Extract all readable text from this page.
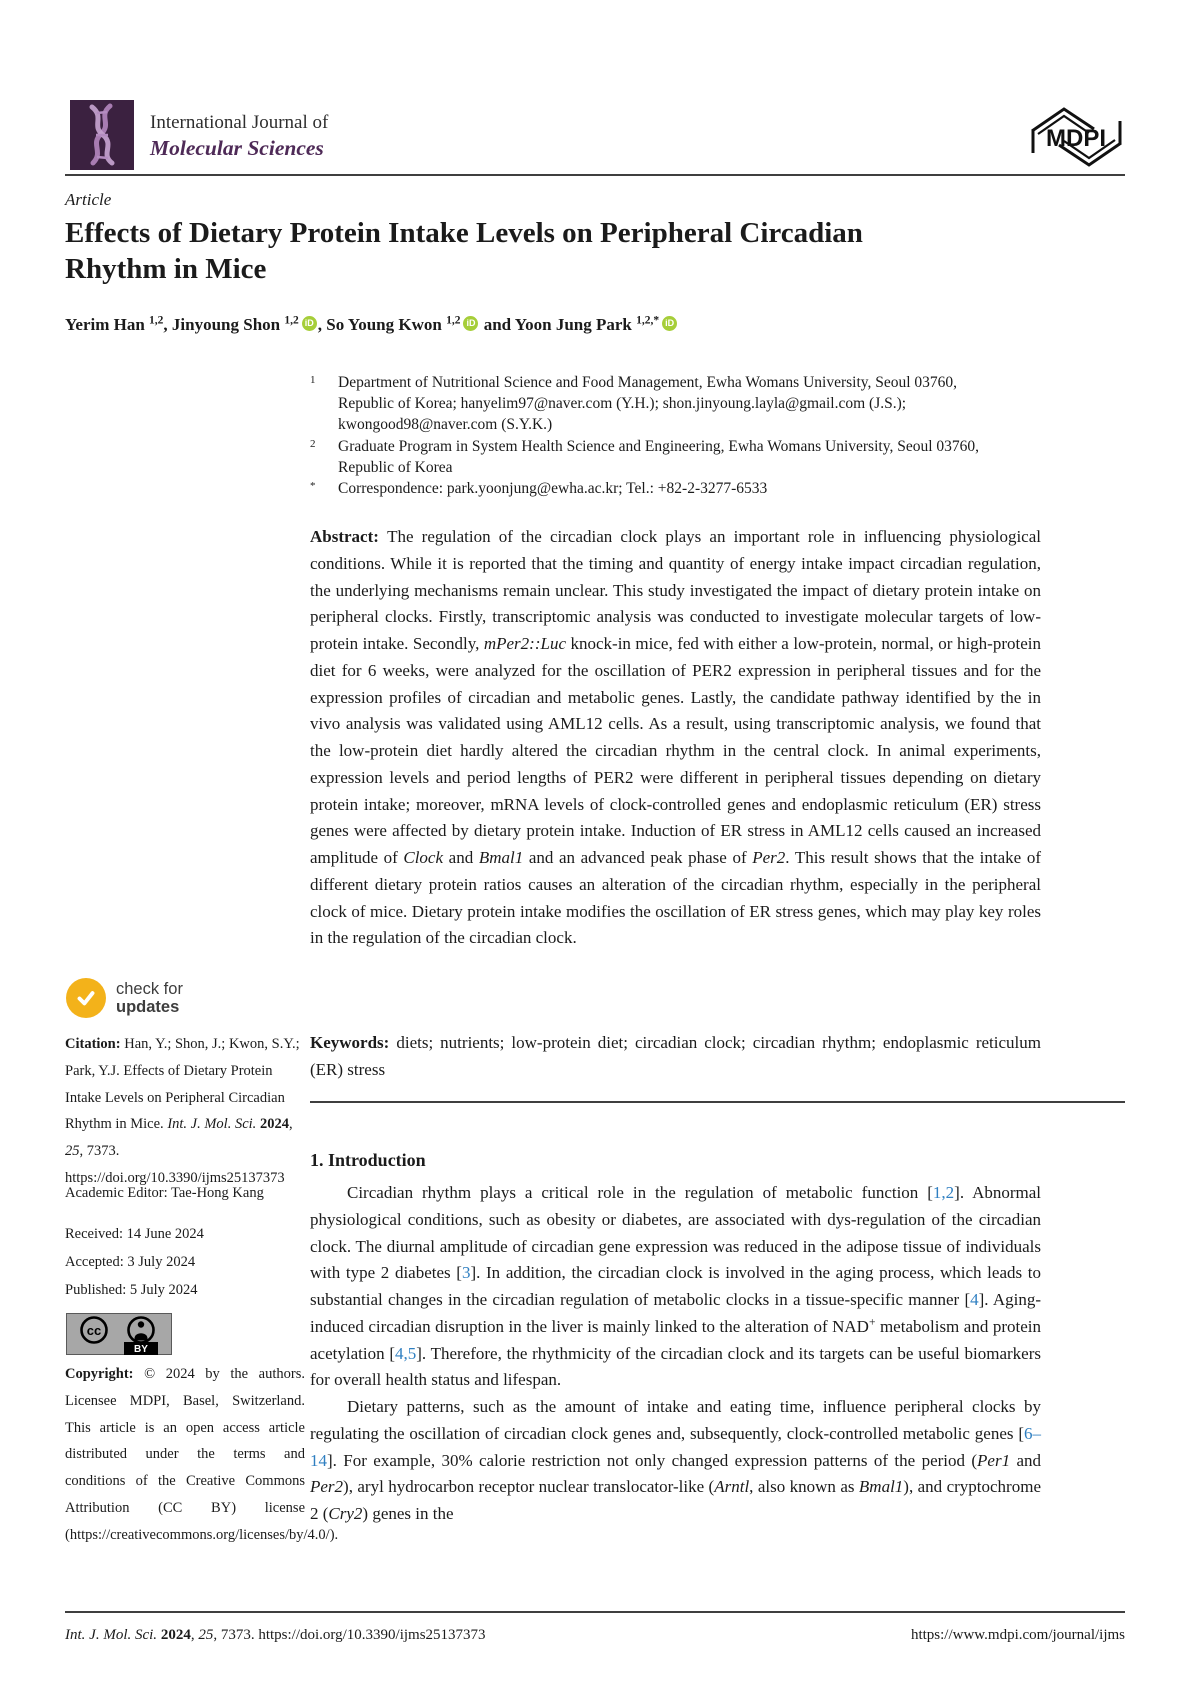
International Journal of
Molecular Sciences	MDPI
Article
Effects of Dietary Protein Intake Levels on Peripheral Circadian
Rhythm in Mice
Yerim Han $^{1,2}$, Jinyoung Shon $^{1,2}$ iD , So Young Kwon $^{1,2}$ iD and Yoon Jung Park $^{1,2,*}$ iD
1	Department of Nutritional Science and Food Management, Ewha Womans University, Seoul 03760, Republic of Korea; hanyelim97@naver.com (Y.H.); shon.jinyoung.layla@gmail.com (J.S.); kwongood98@naver.com (S.Y.K.)
2	Graduate Program in System Health Science and Engineering, Ewha Womans University, Seoul 03760, Republic of Korea
*	Correspondence: park.yoonjung@ewha.ac.kr; Tel.: +82-2-3277-6533
Abstract: The regulation of the circadian clock plays an important role in influencing physiological conditions. While it is reported that the timing and quantity of energy intake impact circadian regulation, the underlying mechanisms remain unclear. This study investigated the impact of dietary protein intake on peripheral clocks. Firstly, transcriptomic analysis was conducted to investigate molecular targets of low-protein intake. Secondly, mPer2::Luc knock-in mice, fed with either a low-protein, normal, or high-protein diet for 6 weeks, were analyzed for the oscillation of PER2 expression in peripheral tissues and for the expression profiles of circadian and metabolic genes. Lastly, the candidate pathway identified by the in vivo analysis was validated using AML12 cells. As a result, using transcriptomic analysis, we found that the low-protein diet hardly altered the circadian rhythm in the central clock. In animal experiments, expression levels and period lengths of PER2 were different in peripheral tissues depending on dietary protein intake; moreover, mRNA levels of clock-controlled genes and endoplasmic reticulum (ER) stress genes were affected by dietary protein intake. Induction of ER stress in AML12 cells caused an increased amplitude of Clock and Bmal1 and an advanced peak phase of Per2. This result shows that the intake of different dietary protein ratios causes an alteration of the circadian rhythm, especially in the peripheral clock of mice. Dietary protein intake modifies the oscillation of ER stress genes, which may play key roles in the regulation of the circadian clock.
Keywords: diets; nutrients; low-protein diet; circadian clock; circadian rhythm; endoplasmic reticulum (ER) stress
1. Introduction

Circadian rhythm plays a critical role in the regulation of metabolic function [1,2]. Abnormal physiological conditions, such as obesity or diabetes, are associated with dys-regulation of the circadian clock. The diurnal amplitude of circadian gene expression was reduced in the adipose tissue of individuals with type 2 diabetes [3]. In addition, the circadian clock is involved in the aging process, which leads to substantial changes in the circadian regulation of metabolic clocks in a tissue-specific manner [4]. Aging-induced circadian disruption in the liver is mainly linked to the alteration of NAD+ metabolism and protein acetylation [4,5]. Therefore, the rhythmicity of the circadian clock and its targets can be useful biomarkers for overall health status and lifespan.

Dietary patterns, such as the amount of intake and eating time, influence peripheral clocks by regulating the oscillation of circadian clock genes and, subsequently, clock-controlled metabolic genes [6–14]. For example, 30% calorie restriction not only changed expression patterns of the period (Per1 and Per2), aryl hydrocarbon receptor nuclear translocator-like (Arntl, also known as Bmal1), and cryptochrome 2 (Cry2) genes in the

check for
updates
Citation: Han, Y.; Shon, J.; Kwon, S.Y.; Park, Y.J. Effects of Dietary Protein Intake Levels on Peripheral Circadian Rhythm in Mice. Int. J. Mol. Sci. 2024, 25, 7373. https://doi.org/10.3390/ijms25137373
Academic Editor: Tae-Hong Kang
Received: 14 June 2024
Accepted: 3 July 2024
Published: 5 July 2024
cc
BY
Copyright: © 2024 by the authors. Licensee MDPI, Basel, Switzerland. This article is an open access article distributed under the terms and conditions of the Creative Commons Attribution (CC BY) license (https://creativecommons.org/licenses/by/4.0/).
Int. J. Mol. Sci. 2024, 25, 7373. https://doi.org/10.3390/ijms25137373	https://www.mdpi.com/journal/ijms
